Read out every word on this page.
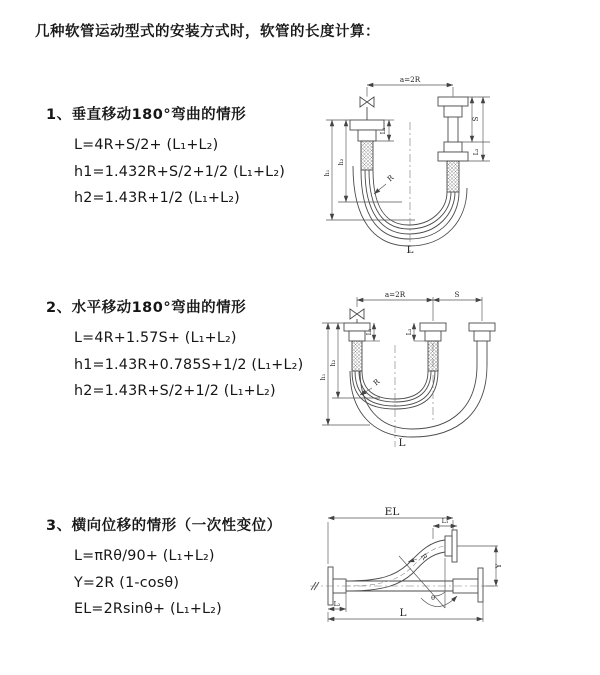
几种软管运动型式的安装方式时，软管的长度计算：

1、垂直移动180°弯曲的情形

L=4R+S/2+ (L₁+L₂)

h1=1.432R+S/2+1/2 (L₁+L₂)

h2=1.43R+1/2 (L₁+L₂)

2、水平移动180°弯曲的情形

L=4R+1.57S+ (L₁+L₂)

h1=1.43R+0.785S+1/2 (L₁+L₂)

h2=1.43R+S/2+1/2 (L₁+L₂)

3、横向位移的情形（一次性变位）

L=πRθ/90+ (L₁+L₂)

Y=2R (1-cosθ)

EL=2Rsinθ+ (L₁+L₂)

a=2R
L₁
S
L₂
h₁
h₂
R
L
a=2R	S
L₁	L₂
h₁
h₂
R
L
EL
L₁
R
θ
Y
L₂
L
